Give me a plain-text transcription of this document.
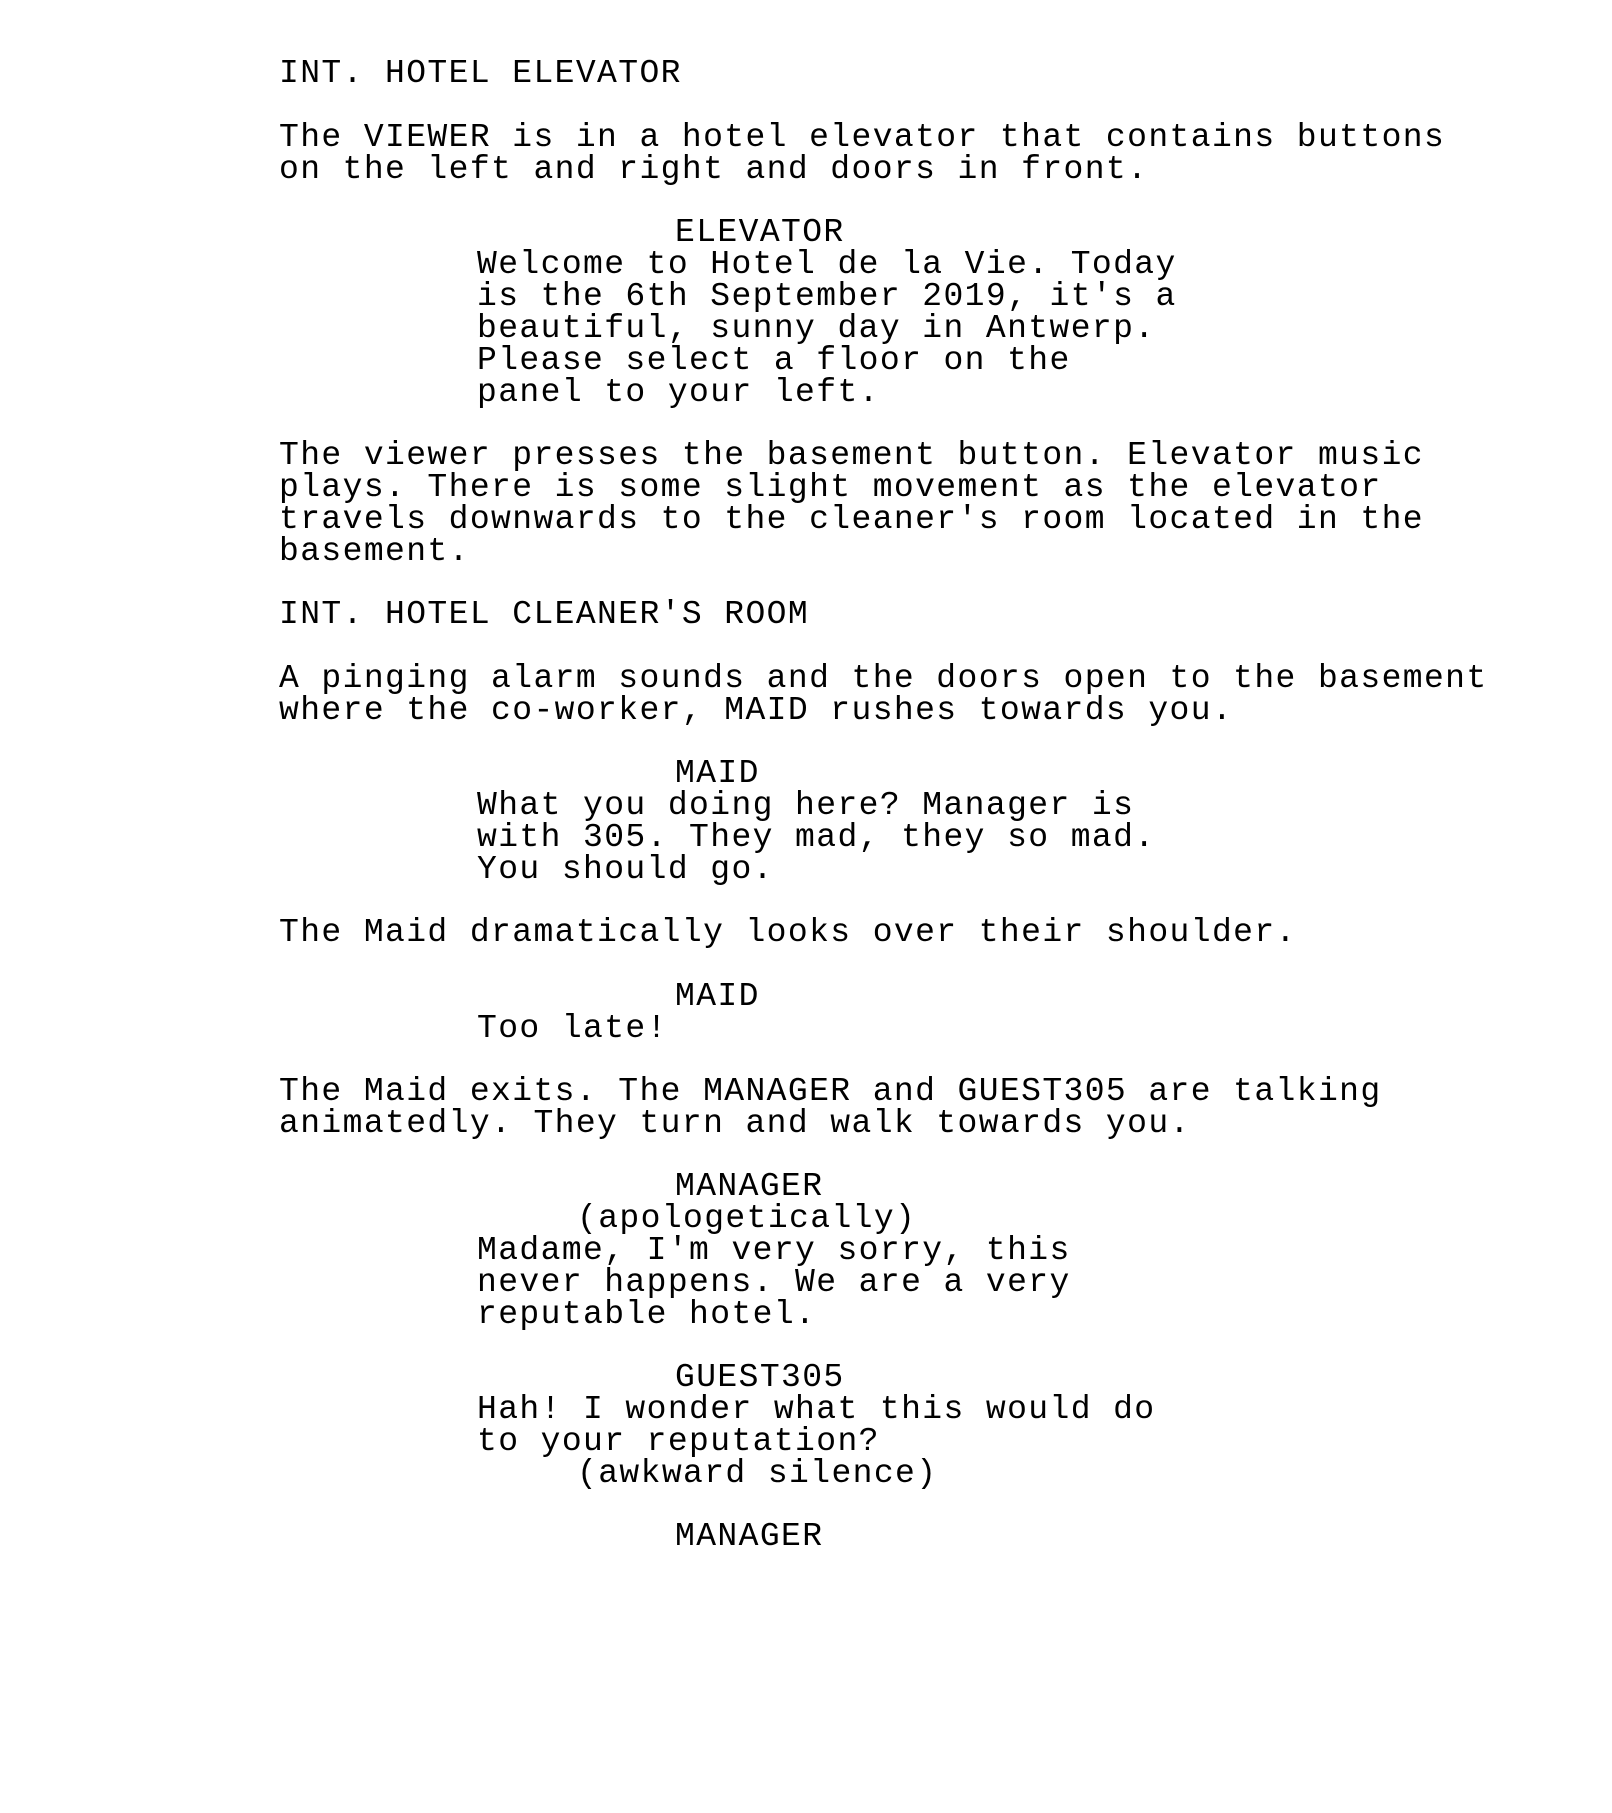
INT. HOTEL ELEVATOR

The VIEWER is in a hotel elevator that contains buttons

on the left and right and doors in front.

ELEVATOR

Welcome to Hotel de la Vie. Today

is the 6th September 2019, it's a

beautiful, sunny day in Antwerp.

Please select a floor on the

panel to your left.

The viewer presses the basement button. Elevator music

plays. There is some slight movement as the elevator

travels downwards to the cleaner's room located in the

basement.

INT. HOTEL CLEANER'S ROOM

A pinging alarm sounds and the doors open to the basement

where the co-worker, MAID rushes towards you.

MAID

What you doing here? Manager is

with 305. They mad, they so mad.

You should go.

The Maid dramatically looks over their shoulder.

MAID

Too late!

The Maid exits. The MANAGER and GUEST305 are talking

animatedly. They turn and walk towards you.

MANAGER

(apologetically)

Madame, I'm very sorry, this

never happens. We are a very

reputable hotel.

GUEST305

Hah! I wonder what this would do

to your reputation?

(awkward silence)

MANAGER
